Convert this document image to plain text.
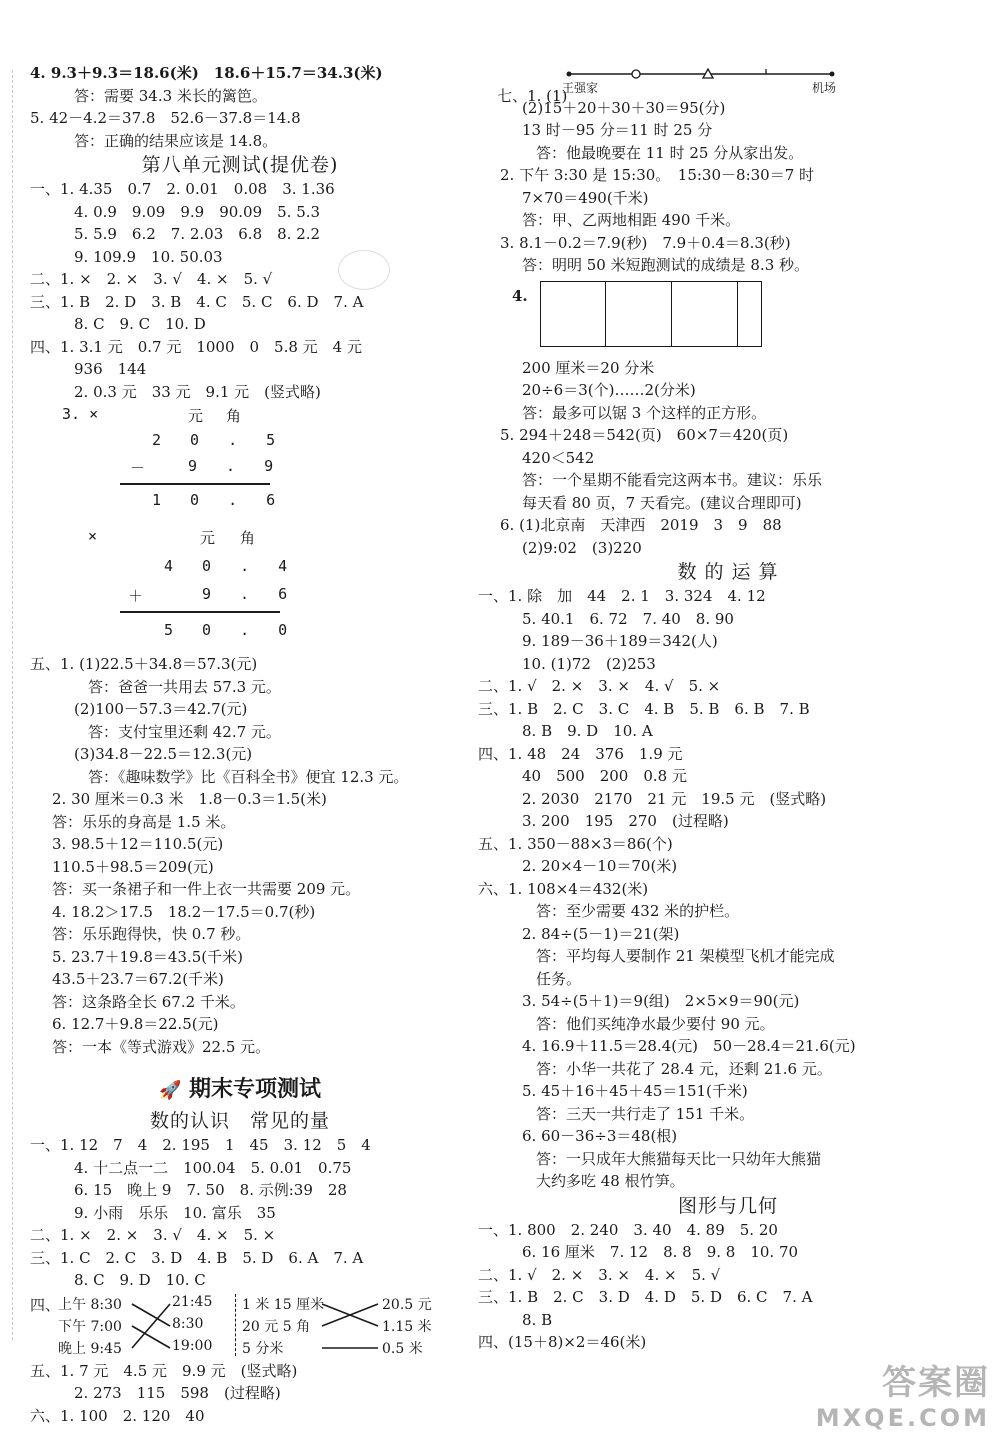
4. 9.3＋9.3＝18.6(米)　18.6＋15.7＝34.3(米)
答：需要 34.3 米长的篱笆。
5. 42－4.2＝37.8　52.6－37.8＝14.8
答：正确的结果应该是 14.8。
第八单元测试(提优卷)
一、1. 4.35　0.7　2. 0.01　0.08　3. 1.36
4. 0.9　9.09　9.9　90.09　5. 5.3
5. 5.9　6.2　7. 2.03　6.8　8. 2.2
9. 109.9　10. 50.03
二、1. ×　2. ×　3. √　4. ×　5. √
三、1. B　2. D　3. B　4. C　5. C　6. D　7. A
8. C　9. C　10. D
四、1. 3.1 元　0.7 元　1000　0　5.8 元　4 元
936　144
2. 0.3 元　33 元　9.1 元　(竖式略)
3. ×	元 角
2 0 . 5
－	9 . 9
1 0 . 6
×	元 角
4 0 . 4
＋	9 . 6
5 0 . 0
五、1. (1)22.5＋34.8＝57.3(元)
答：爸爸一共用去 57.3 元。
(2)100－57.3＝42.7(元)
答：支付宝里还剩 42.7 元。
(3)34.8－22.5＝12.3(元)
答：《趣味数学》比《百科全书》便宜 12.3 元。
2. 30 厘米＝0.3 米　1.8－0.3＝1.5(米)
答：乐乐的身高是 1.5 米。
3. 98.5＋12＝110.5(元)
110.5＋98.5＝209(元)
答：买一条裙子和一件上衣一共需要 209 元。
4. 18.2＞17.5　18.2－17.5＝0.7(秒)
答：乐乐跑得快，快 0.7 秒。
5. 23.7＋19.8＝43.5(千米)
43.5＋23.7＝67.2(千米)
答：这条路全长 67.2 千米。
6. 12.7＋9.8＝22.5(元)
答：一本《等式游戏》22.5 元。
🚀 期末专项测试
数的认识　常见的量
一、1. 12　7　4　2. 195　1　45　3. 12　5　4
4. 十二点一二　100.04　5. 0.01　0.75
6. 15　晚上 9　7. 50　8. 示例:39　28
9. 小雨　乐乐　10. 富乐　35
二、1. ×　2. ×　3. √　4. ×　5. ×
三、1. C　2. C　3. D　4. B　5. D　6. A　7. A
8. C　9. D　10. C
四、
上午 8:30
下午 7:00
晚上 9:45
21:45
8:30
19:00
1 米 15 厘米
20 元 5 角
5 分米
20.5 元
1.15 米
0.5 米
五、1. 7 元　4.5 元　9.9 元　(竖式略)
2. 273　115　598　(过程略)
六、1. 100　2. 120　40

七、1. (1)

王强家	机场
(2)15＋20＋30＋30＝95(分)
13 时－95 分＝11 时 25 分
答：他最晚要在 11 时 25 分从家出发。
2. 下午 3:30 是 15:30。　15:30－8:30＝7 时
7×70＝490(千米)
答：甲、乙两地相距 490 千米。
3. 8.1－0.2＝7.9(秒)　7.9＋0.4＝8.3(秒)
答：明明 50 米短跑测试的成绩是 8.3 秒。
4.
200 厘米＝20 分米
20÷6＝3(个)……2(分米)
答：最多可以锯 3 个这样的正方形。
5. 294＋248＝542(页)　60×7＝420(页)
420＜542
答：一个星期不能看完这两本书。建议：乐乐
每天看 80 页，7 天看完。(建议合理即可)
6. (1)北京南　天津西　2019　3　9　88
(2)9:02　(3)220
数 的 运 算
一、1. 除　加　44　2. 1　3. 324　4. 12
5. 40.1　6. 72　7. 40　8. 90
9. 189－36＋189＝342(人)
10. (1)72　(2)253
二、1. √　2. ×　3. ×　4. √　5. ×
三、1. B　2. C　3. C　4. B　5. B　6. B　7. B
8. B　9. D　10. A
四、1. 48　24　376　1.9 元
40　500　200　0.8 元
2. 2030　2170　21 元　19.5 元　(竖式略)
3. 200　195　270　(过程略)
五、1. 350－88×3＝86(个)
2. 20×4－10＝70(米)
六、1. 108×4＝432(米)
答：至少需要 432 米的护栏。
2. 84÷(5－1)＝21(架)
答：平均每人要制作 21 架模型飞机才能完成
任务。
3. 54÷(5＋1)＝9(组)　2×5×9＝90(元)
答：他们买纯净水最少要付 90 元。
4. 16.9＋11.5＝28.4(元)　50－28.4＝21.6(元)
答：小华一共花了 28.4 元，还剩 21.6 元。
5. 45＋16＋45＋45＝151(千米)
答：三天一共行走了 151 千米。
6. 60－36÷3＝48(根)
答：一只成年大熊猫每天比一只幼年大熊猫
大约多吃 48 根竹笋。
图形与几何
一、1. 800　2. 240　3. 40　4. 89　5. 20
6. 16 厘米　7. 12　8. 8　9. 8　10. 70
二、1. √　2. ×　3. ×　4. ×　5. √
三、1. B　2. C　3. D　4. D　5. D　6. C　7. A
8. B
四、(15＋8)×2＝46(米)
答案圈
MXQE.COM
